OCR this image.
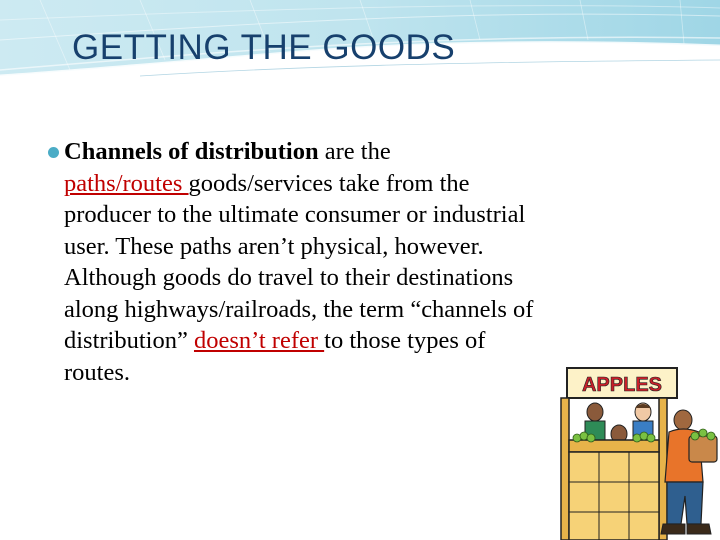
GETTING THE GOODS

Channels of distribution are the
paths/routes goods/services take from the
producer to the ultimate consumer or industrial
user. These paths aren’t physical, however.
Although goods do travel to their destinations
along highways/railroads, the term “channels of
distribution” doesn’t refer to those types of
routes.	APPLES
